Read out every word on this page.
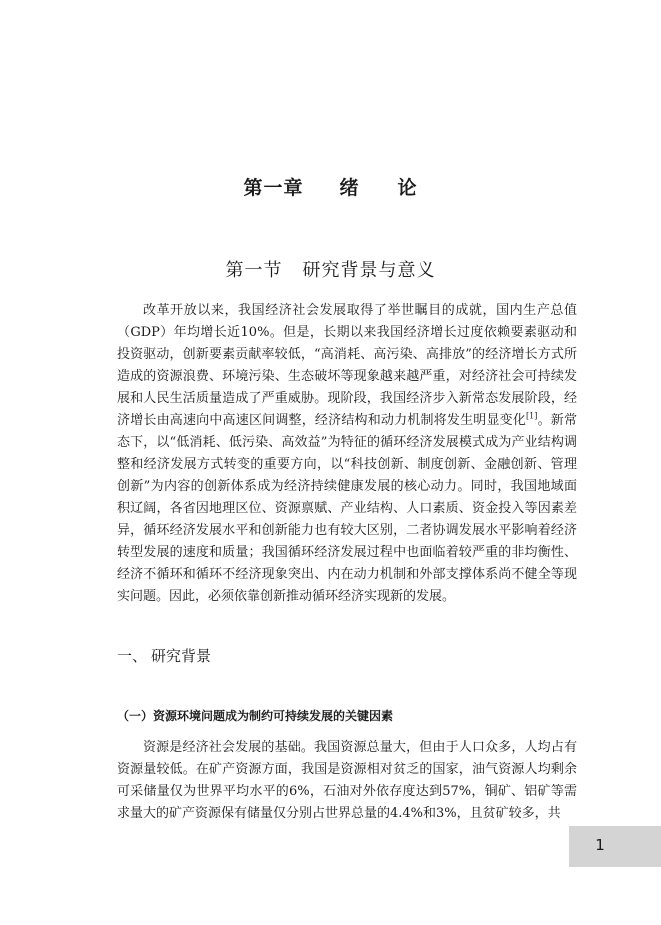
第一章 绪 论
第一节 研究背景与意义

改革开放以来，我国经济社会发展取得了举世瞩目的成就，国内生产总值（GDP）年均增长近10%。但是，长期以来我国经济增长过度依赖要素驱动和投资驱动，创新要素贡献率较低，“高消耗、高污染、高排放”的经济增长方式所造成的资源浪费、环境污染、生态破坏等现象越来越严重，对经济社会可持续发展和人民生活质量造成了严重威胁。现阶段，我国经济步入新常态发展阶段，经济增长由高速向中高速区间调整，经济结构和动力机制将发生明显变化[1]。新常态下，以“低消耗、低污染、高效益”为特征的循环经济发展模式成为产业结构调整和经济发展方式转变的重要方向，以“科技创新、制度创新、金融创新、管理创新”为内容的创新体系成为经济持续健康发展的核心动力。同时，我国地域面积辽阔，各省因地理区位、资源禀赋、产业结构、人口素质、资金投入等因素差异，循环经济发展水平和创新能力也有较大区别，二者协调发展水平影响着经济转型发展的速度和质量；我国循环经济发展过程中也面临着较严重的非均衡性、经济不循环和循环不经济现象突出、内在动力机制和外部支撑体系尚不健全等现实问题。因此，必须依靠创新推动循环经济实现新的发展。

一、 研究背景
（一）资源环境问题成为制约可持续发展的关键因素

资源是经济社会发展的基础。我国资源总量大，但由于人口众多，人均占有资源量较低。在矿产资源方面，我国是资源相对贫乏的国家，油气资源人均剩余可采储量仅为世界平均水平的6%，石油对外依存度达到57%，铜矿、铝矿等需求量大的矿产资源保有储量仅分别占世界总量的4.4%和3%，且贫矿较多，共

1
